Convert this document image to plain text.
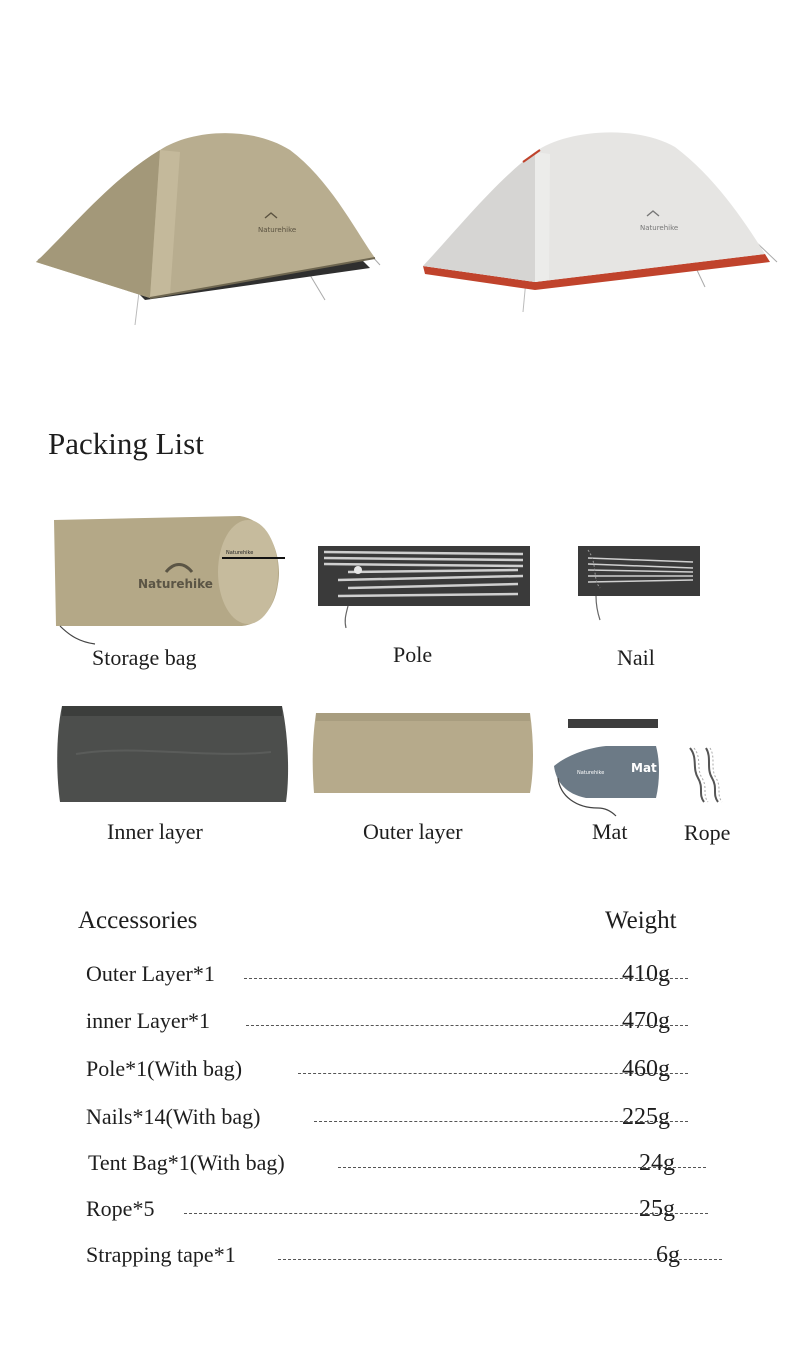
Naturehike	Naturehike
Packing List
Naturehike
Naturehike
Storage bag	Pole	Nail
Inner layer	Outer layer
Mat
Naturehike
Mat	Rope
Accessories	Weight
Outer Layer*1	410g
inner Layer*1	470g
Pole*1(With bag)	460g
Nails*14(With bag)	225g
Tent Bag*1(With bag)	24g
Rope*5	25g
Strapping tape*1	6g
